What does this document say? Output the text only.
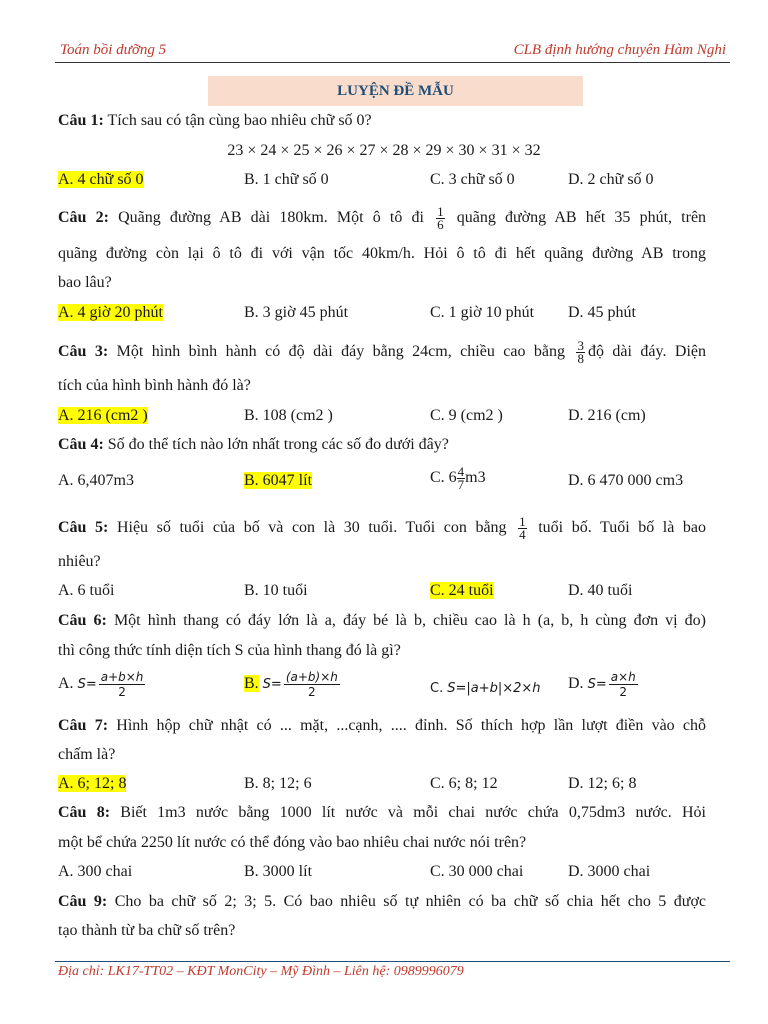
Toán bồi dưỡng 5	CLB định hướng chuyên Hàm Nghi
LUYỆN ĐỀ MẪU
Câu 1: Tích sau có tận cùng bao nhiêu chữ số 0?
23 × 24 × 25 × 26 × 27 × 28 × 29 × 30 × 31 × 32
A. 4 chữ số 0	B. 1 chữ số 0	C. 3 chữ số 0	D. 2 chữ số 0
Câu 2: Quãng đường AB dài 180km. Một ô tô đi $\frac{1}{6}$ quãng đường AB hết 35 phút, trên
quãng đường còn lại ô tô đi với vận tốc 40km/h. Hỏi ô tô đi hết quãng đường AB trong
bao lâu?
A. 4 giờ 20 phút	B. 3 giờ 45 phút	C. 1 giờ 10 phút D. 45 phút
Câu 3: Một hình bình hành có độ dài đáy bằng 24cm, chiều cao bằng $\frac{3}{8}$ độ dài đáy. Diện
tích của hình bình hành đó là?
A. 216 (cm2 )	B. 108 (cm2 )	C. 9 (cm2 )	D. 216 (cm)
Câu 4: Số đo thể tích nào lớn nhất trong các số đo dưới đây?
A. 6,407m3	B. 6047 lít	C. $6 \frac{4}{7} m3$	D. 6 470 000 cm3
Câu 5: Hiệu số tuổi của bố và con là 30 tuổi. Tuổi con bằng $\frac{1}{4}$ tuổi bố. Tuổi bố là bao
nhiêu?
A. 6 tuổi	B. 10 tuổi	C. 24 tuổi	D. 40 tuổi
Câu 6: Một hình thang có đáy lớn là a, đáy bé là b, chiều cao là h (a, b, h cùng đơn vị đo)
thì công thức tính diện tích S của hình thang đó là gì?
A. $S= \frac{a+b\times h}{2}$	B. $S= \frac{(a+b)\times h}{2}$	C. S=|a+b|×2×h D. $S= \frac{a\times h}{2}$
Câu 7: Hình hộp chữ nhật có ... mặt, ...cạnh, .... đỉnh. Số thích hợp lần lượt điền vào chỗ
chấm là?
A. 6; 12; 8	B. 8; 12; 6	C. 6; 8; 12	D. 12; 6; 8
Câu 8: Biết 1m3 nước bằng 1000 lít nước và mỗi chai nước chứa 0,75dm3 nước. Hỏi
một bể chứa 2250 lít nước có thể đóng vào bao nhiêu chai nước nói trên?
A. 300 chai	B. 3000 lít	C. 30 000 chai	D. 3000 chai
Câu 9: Cho ba chữ số 2; 3; 5. Có bao nhiêu số tự nhiên có ba chữ số chia hết cho 5 được
tạo thành từ ba chữ số trên?
Địa chỉ: LK17-TT02 – KĐT MonCity – Mỹ Đình – Liên hệ: 0989996079
